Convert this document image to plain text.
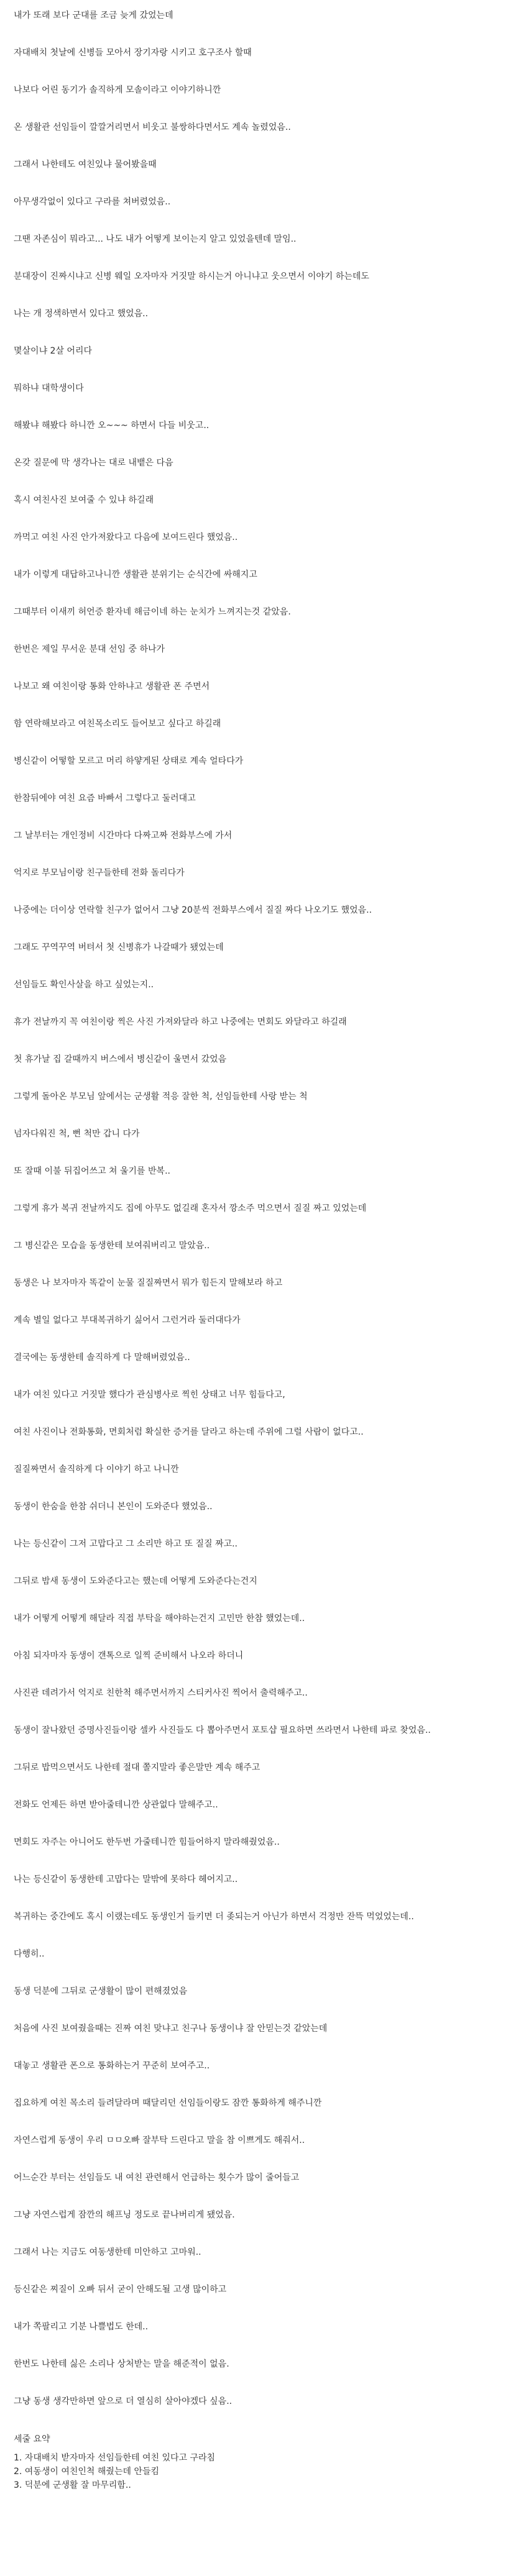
내가 또래 보다 군대를 조금 늦게 갔었는데

자대배치 첫날에 신병들 모아서 장기자랑 시키고 호구조사 할때

나보다 어린 동기가 솔직하게 모솔이라고 이야기하니깐

온 생활관 선임들이 깔깔거리면서 비웃고 불쌍하다면서도 계속 놀렸었음..

그래서 나한테도 여친있냐 물어봤을때

아무생각없이 있다고 구라를 쳐버렸었음..

그땐 자존심이 뭐라고... 나도 내가 어떻게 보이는지 알고 있었을텐데 말임..

분대장이 진짜시냐고 신병 웨일 오자마자 거짓말 하시는거 아니냐고 웃으면서 이야기 하는데도

나는 개 정색하면서 있다고 했었음..

몇살이냐 2살 어리다

뭐하냐 대학생이다

해봤냐 해봤다 하니깐 오~~~ 하면서 다들 비웃고..

온갖 질문에 막 생각나는 대로 내뱉은 다음

혹시 여친사진 보여줄 수 있냐 하길래

까먹고 여친 사진 안가져왔다고 다음에 보여드린다 했었음..

내가 이렇게 대답하고나니깐 생활관 분위기는 순식간에 싸해지고

그때부터 이새끼 허언증 환자네 해금이네 하는 눈치가 느껴지는것 같았음.

한번은 제일 무서운 분대 선임 중 하나가

나보고 왜 여친이랑 통화 안하냐고 생활관 폰 주면서

함 연락해보라고 여친목소리도 들어보고 싶다고 하길래

병신같이 어떻할 모르고 머리 하얗게된 상태로 계속 얼타다가

한참뒤에야 여친 요즘 바빠서 그렇다고 둘러대고

그 날부터는 개인정비 시간마다 다짜고짜 전화부스에 가서

억지로 부모님이랑 친구들한테 전화 돌리다가

나중에는 더이상 연락할 친구가 없어서 그냥 20분씩 전화부스에서 질질 짜다 나오기도 했었음..

그래도 꾸역꾸역 버텨서 첫 신병휴가 나갈때가 됐었는데

선임들도 확인사살을 하고 싶었는지..

휴가 전날까지 꼭 여친이랑 찍은 사진 가져와달라 하고 나중에는 면회도 와달라고 하길래

첫 휴가날 집 갈때까지 버스에서 병신같이 울면서 갔었음

그렇게 돌아온 부모님 앞에서는 군생활 적응 잘한 척, 선임들한테 사랑 받는 척

넘자다워진 척, 뻔 척만 갑니 다가

또 잘때 이불 뒤집어쓰고 쳐 울기를 반복..

그렇게 휴가 복귀 전날까지도 집에 아무도 없길래 혼자서 깡소주 먹으면서 질질 짜고 있었는데

그 병신같은 모습을 동생한테 보여줘버리고 말았음..

동생은 나 보자마자 똑같이 눈물 질질짜면서 뭐가 힘든지 말해보라 하고

계속 별일 없다고 부대복귀하기 싫어서 그런거라 둘러대다가

결국에는 동생한테 솔직하게 다 말해버렸었음..

내가 여친 있다고 거짓말 했다가 관심병사로 찍힌 상태고 너무 힘들다고,

여친 사진이나 전화통화, 면회처럼 확실한 증거를 달라고 하는데 주위에 그럴 사람이 없다고..

질질짜면서 솔직하게 다 이야기 하고 나니깐

동생이 한숨을 한참 쉬더니 본인이 도와준다 했었음..

나는 등신같이 그저 고맙다고 그 소리만 하고 또 질질 짜고..

그뒤로 밤새 동생이 도와준다고는 했는데 어떻게 도와준다는건지

내가 어떻게 어떻게 해달라 직접 부탁을 해야하는건지 고민만 한참 했었는데..

아침 되자마자 동생이 갠톡으로 일찍 준비해서 나오라 하더니

사진관 데려가서 억지로 친한척 해주면서까지 스티커사진 찍어서 출력해주고..

동생이 잘나왔던 증명사진들이랑 셀카 사진들도 다 뽑아주면서 포토샵 필요하면 쓰라면서 나한테 파로 찾었음..

그뒤로 밥먹으면서도 나한테 절대 쫄지말라 좋은말만 계속 해주고

전화도 언제든 하면 받아줄테니깐 상관없다 말해주고..

면회도 자주는 아니어도 한두번 가줄테니깐 힘들어하지 말라해줬었음..

나는 등신같이 동생한테 고맙다는 말밖에 못하다 헤어지고..

복귀하는 중간에도 혹시 이랬는데도 동생인거 들키면 더 좆되는거 아닌가 하면서 걱정만 잔뜩 먹었었는데..

다행히..

동생 덕분에 그뒤로 군생활이 많이 편해졌었음

처음에 사진 보여줬을때는 진짜 여친 맞냐고 친구나 동생이냐 잘 안믿는것 같았는데

대놓고 생활관 폰으로 통화하는거 꾸준히 보여주고..

집요하게 여친 목소리 들려달라며 때달리던 선임들이랑도 잠깐 통화하게 해주니깐

자연스럽게 동생이 우리 ㅁㅁ오빠 잘부탁 드린다고 말을 참 이쁘게도 해줘서..

어느순간 부터는 선임들도 내 여친 관련해서 언급하는 횟수가 많이 줄어들고

그냥 자연스럽게 잠깐의 해프닝 정도로 끝나버리게 됐었음.

그래서 나는 지금도 여동생한테 미안하고 고마워..

등신같은 찌질이 오빠 뒤서 굳이 안해도될 고생 많이하고

내가 쪽팔리고 기분 나쁠법도 한데..

한번도 나한테 싫은 소리나 상처받는 말을 해준적이 없음.

그냥 동생 생각만하면 앞으로 더 열심히 살아야겠다 싶음..

세줄 요약

1. 자대배치 받자마자 선임들한테 여친 있다고 구라침

2. 여동생이 여친인척 해줬는데 안들킴

3. 덕분에 군생활 잘 마무리함..
